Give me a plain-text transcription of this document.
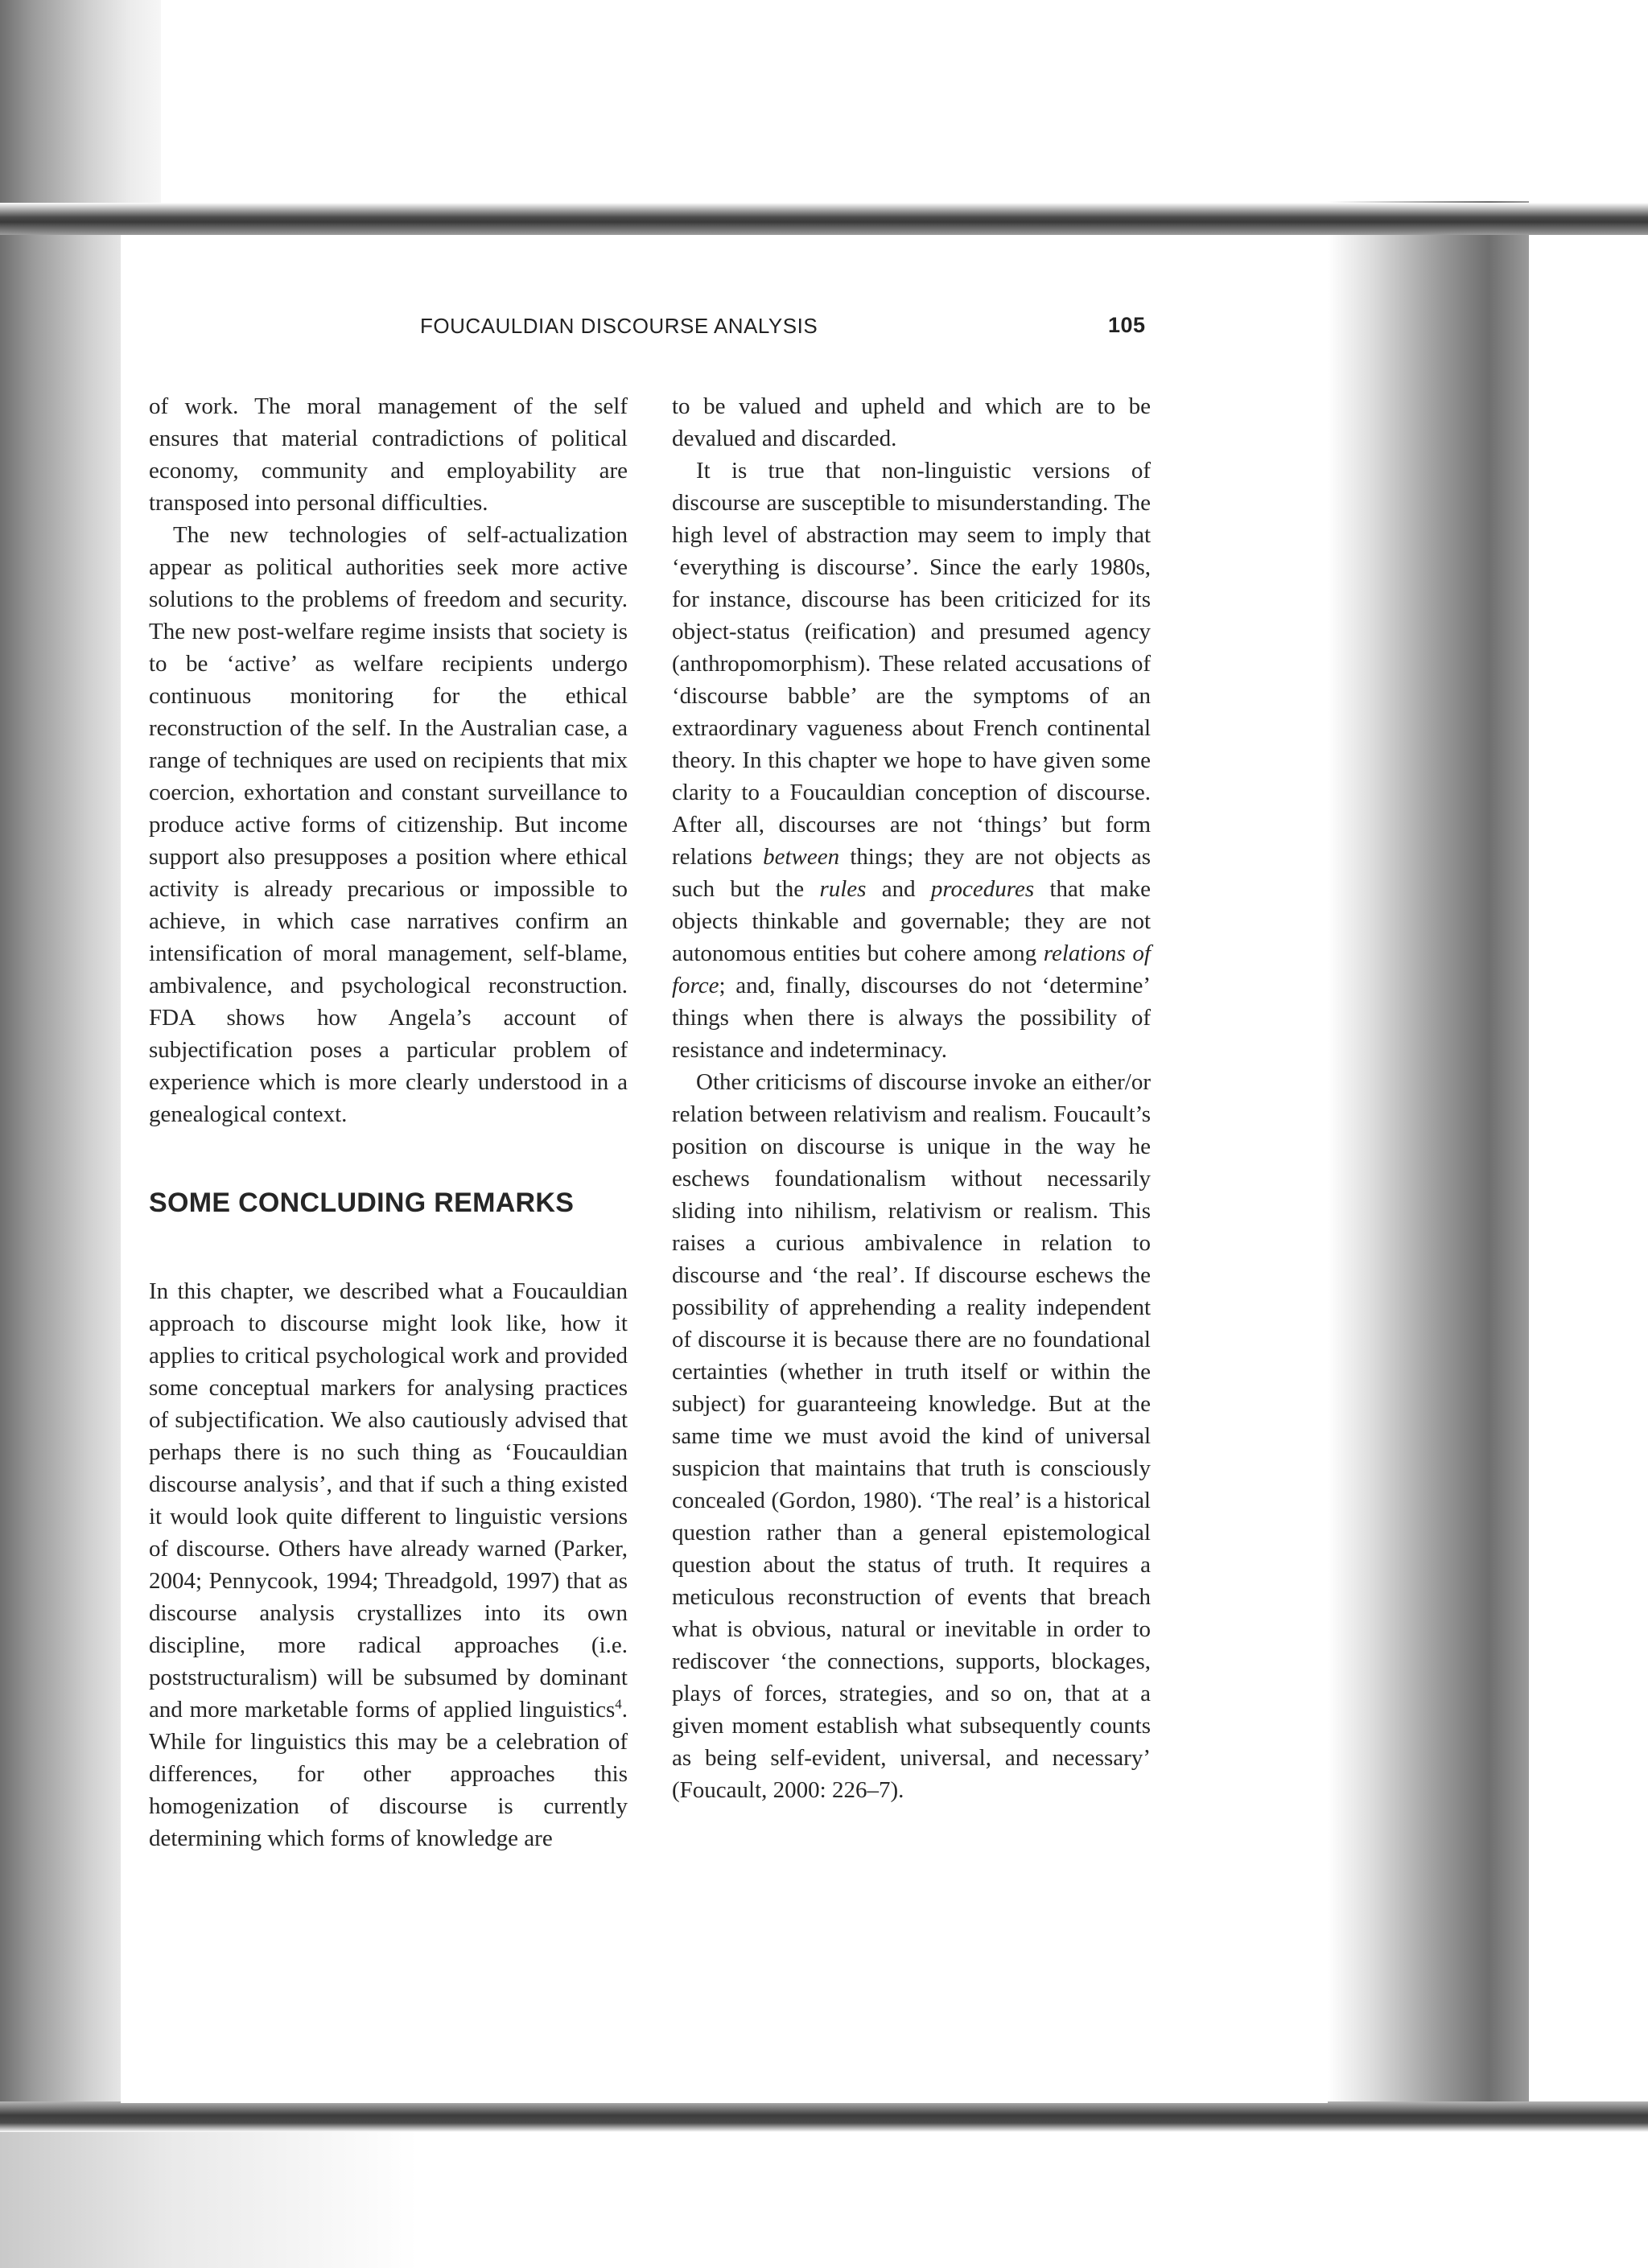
FOUCAULDIAN DISCOURSE ANALYSIS	105

of work. The moral management of the self ensures that material contradictions of political economy, community and employability are transposed into personal difficulties.

The new technologies of self-actualization appear as political authorities seek more active solutions to the problems of freedom and security. The new post-welfare regime insists that society is to be ‘active’ as welfare recipients undergo continuous monitoring for the ethical reconstruction of the self. In the Australian case, a range of techniques are used on recipients that mix coercion, exhortation and constant surveillance to produce active forms of citizenship. But income support also presupposes a position where ethical activity is already precarious or impossible to achieve, in which case narratives confirm an intensification of moral management, self-blame, ambivalence, and psychological reconstruction. FDA shows how Angela’s account of subjectification poses a particular problem of experience which is more clearly understood in a genealogical context.

SOME CONCLUDING REMARKS

In this chapter, we described what a Foucauldian approach to discourse might look like, how it applies to critical psychological work and provided some conceptual markers for analysing practices of subjectification. We also cautiously advised that perhaps there is no such thing as ‘Foucauldian discourse analysis’, and that if such a thing existed it would look quite different to linguistic versions of discourse. Others have already warned (Parker, 2004; Pennycook, 1994; Threadgold, 1997) that as discourse analysis crystallizes into its own discipline, more radical approaches (i.e. poststructuralism) will be subsumed by dominant and more marketable forms of applied linguistics$^4$. While for linguistics this may be a celebration of differences, for other approaches this homogenization of discourse is currently determining which forms of knowledge are

to be valued and upheld and which are to be devalued and discarded.

It is true that non-linguistic versions of discourse are susceptible to misunderstanding. The high level of abstraction may seem to imply that ‘everything is discourse’. Since the early 1980s, for instance, discourse has been criticized for its object-status (reification) and presumed agency (anthropomorphism). These related accusations of ‘discourse babble’ are the symptoms of an extraordinary vagueness about French continental theory. In this chapter we hope to have given some clarity to a Foucauldian conception of discourse. After all, discourses are not ‘things’ but form relations between things; they are not objects as such but the rules and procedures that make objects thinkable and governable; they are not autonomous entities but cohere among relations of force; and, finally, discourses do not ‘determine’ things when there is always the possibility of resistance and indeterminacy.

Other criticisms of discourse invoke an either/or relation between relativism and realism. Foucault’s position on discourse is unique in the way he eschews foundationalism without necessarily sliding into nihilism, relativism or realism. This raises a curious ambivalence in relation to discourse and ‘the real’. If discourse eschews the possibility of apprehending a reality independent of discourse it is because there are no foundational certainties (whether in truth itself or within the subject) for guaranteeing knowledge. But at the same time we must avoid the kind of universal suspicion that maintains that truth is consciously concealed (Gordon, 1980). ‘The real’ is a historical question rather than a general epistemological question about the status of truth. It requires a meticulous reconstruction of events that breach what is obvious, natural or inevitable in order to rediscover ‘the connections, supports, blockages, plays of forces, strategies, and so on, that at a given moment establish what subsequently counts as being self-evident, universal, and necessary’ (Foucault, 2000: 226–7).
